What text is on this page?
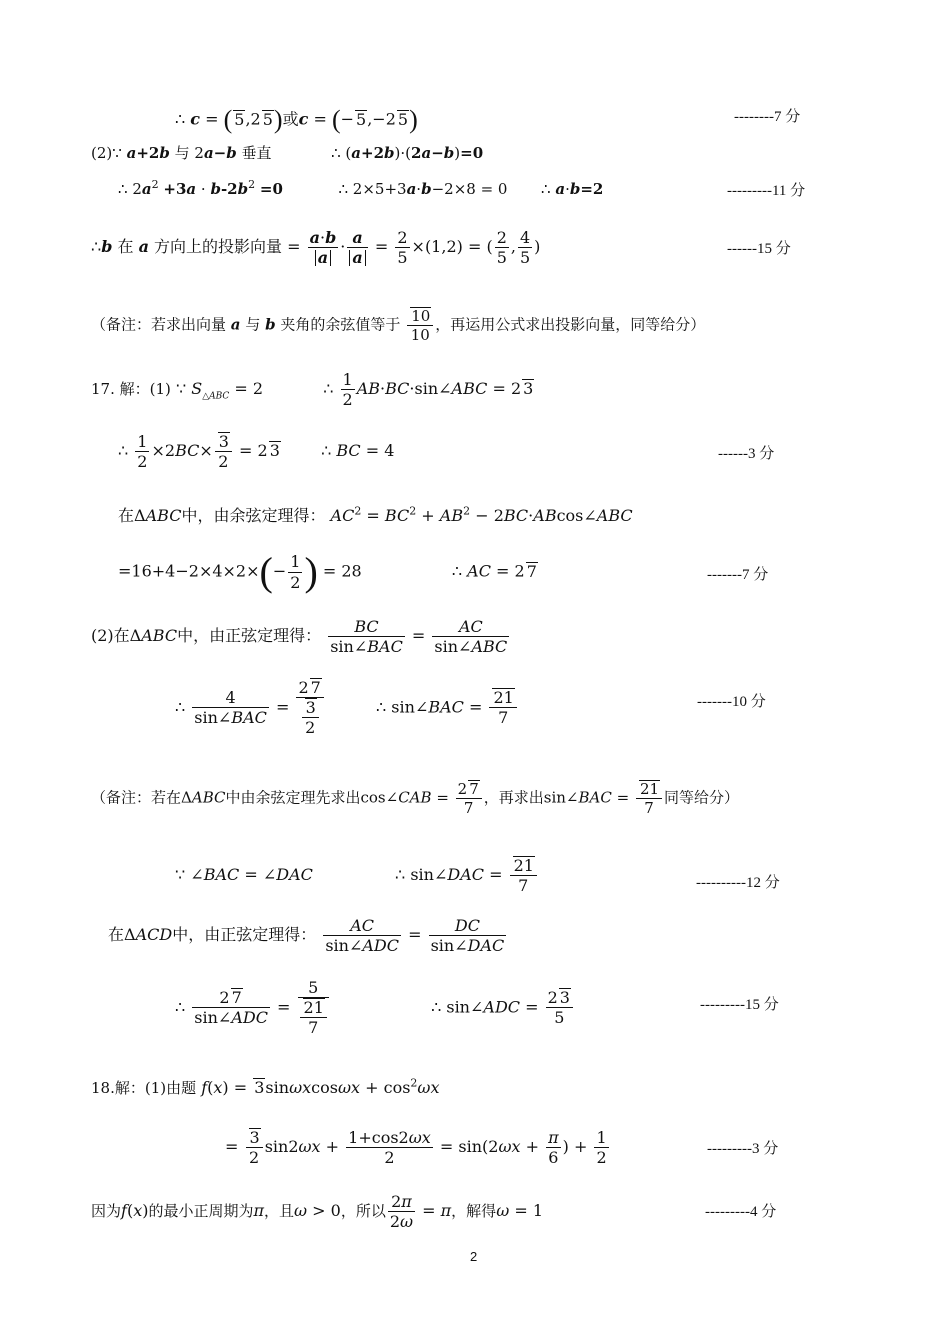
∴ c = ( 5,2 5)或c = (− 5,−2 5)	--------7 分
(2)∵ a+2b 与 2a−b 垂直	∴ (a+2b)·(2a−b)=0
∴ $2a^2 +3a \cdot b-2b^2 =0$	∴ 2×5+3a·b−2×8 = 0  ∴ a·b=2	---------11 分
∴b 在 a 方向上的投影向量 = $\frac{a\cdot b}{a} \cdot \frac{a}{a} = \frac{2}{5} \times(1,2)$ = ( $\frac{2}{5}$ , $\frac{4}{5}$ )	------15 分
（备注：若求出向量 a 与 b 夹角的余弦值等于 $\frac{10}{10}$ ，再运用公式求出投影向量，同等给分）
17. 解：(1) ∵ $S_{\triangle ABC} = 2$	∴ $\frac{1}{2}$ AB·BC·sin∠ABC = 2 3
∴ $\frac{1}{2} \times 2BC\times \frac{3}{2} = 2$ 3	∴ BC = 4	------3 分
在ΔABC中，由余弦定理得： $AC^2 = BC^2 + AB^2$ − 2BC·ABcos∠ABC
$=16+4-2\times 4\times 2\times(- \frac{1}{2}$ ) = 28	∴ AC = 2 7	-------7 分
(2)在ΔABC中，由正弦定理得： $\frac{BC}{\text{sin∠BAC}} = \frac{AC}{\text{sin∠ABC}}$
∴ $\frac{4}{\text{sin∠BAC}} = \frac{2 7}{\frac{3}{2}}$	∴ sin∠BAC = $\frac{21}{7}$	-------10 分
（备注：若在ΔABC中由余弦定理先求出cos∠CAB = $\frac{2 7}{7}$ ，再求出sin∠BAC = $\frac{21}{7}$ 同等给分）
∵ ∠BAC = ∠DAC	∴ sin∠DAC = $\frac{21}{7}$	----------12 分
在ΔACD中，由正弦定理得： $\frac{AC}{\text{sin∠ADC}} = \frac{DC}{\text{sin∠DAC}}$
∴ $\frac{2 7}{\text{sin∠ADC}} = \frac{5}{\frac{21}{7}}$	∴ sin∠ADC = $\frac{2 3}{5}$	---------15 分
18.解：(1)由题 $f(x) = 3\sin\omega xcos\omega x + \cos^2\omega x$
= $\frac{3}{2} \sin 2\omega x + \frac{1+\cos 2\omega x}{2} = \sin(2\omega x + \frac{\pi}{6}$ ) + $\frac{1}{2}$	---------3 分
因为f(x)的最小正周期为π，且ω > 0，所以 $\frac{2\pi}{2\omega} = \pi$，解得ω = 1	---------4 分
2
